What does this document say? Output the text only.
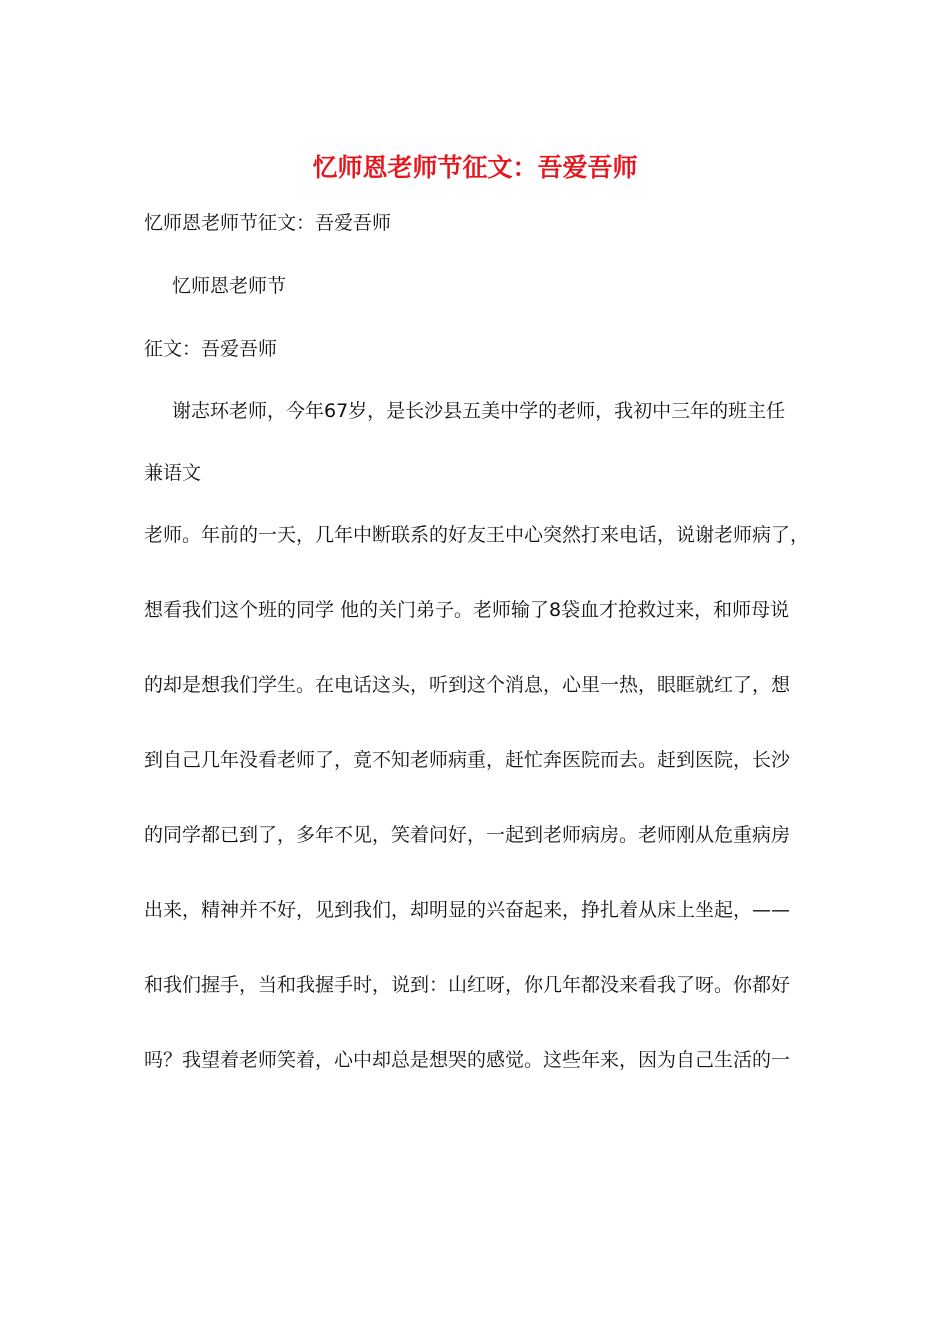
忆师恩老师节征文：吾爱吾师

忆师恩老师节征文：吾爱吾师

忆师恩老师节

征文：吾爱吾师

谢志环老师，今年67岁，是长沙县五美中学的老师，我初中三年的班主任

兼语文

老师。年前的一天，几年中断联系的好友王中心突然打来电话，说谢老师病了，

想看我们这个班的同学 他的关门弟子。老师输了8袋血才抢救过来，和师母说

的却是想我们学生。在电话这头，听到这个消息，心里一热，眼眶就红了，想

到自己几年没看老师了，竟不知老师病重，赶忙奔医院而去。赶到医院，长沙

的同学都已到了，多年不见，笑着问好，一起到老师病房。老师刚从危重病房

出来，精神并不好，见到我们，却明显的兴奋起来，挣扎着从床上坐起，——

和我们握手，当和我握手时，说到：山红呀，你几年都没来看我了呀。你都好

吗？我望着老师笑着，心中却总是想哭的感觉。这些年来，因为自己生活的一
